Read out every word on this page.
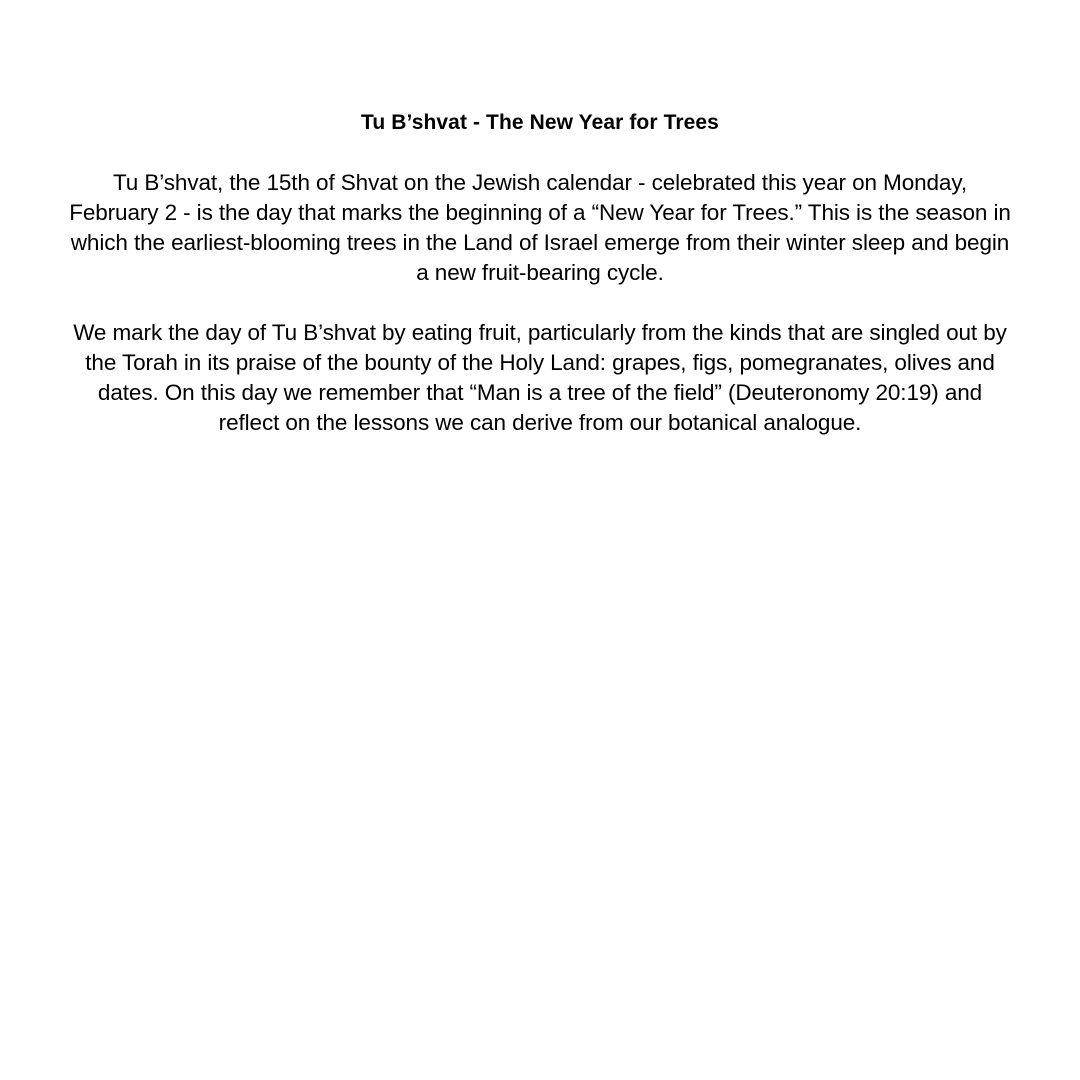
Tu B’shvat - The New Year for Trees

Tu B’shvat, the 15th of Shvat on the Jewish calendar - celebrated this year on Monday, February 2 - is the day that marks the beginning of a “New Year for Trees.” This is the season in which the earliest-blooming trees in the Land of Israel emerge from their winter sleep and begin a new fruit-bearing cycle.

We mark the day of Tu B’shvat by eating fruit, particularly from the kinds that are singled out by the Torah in its praise of the bounty of the Holy Land: grapes, figs, pomegranates, olives and dates. On this day we remember that “Man is a tree of the field” (Deuteronomy 20:19) and reflect on the lessons we can derive from our botanical analogue.
